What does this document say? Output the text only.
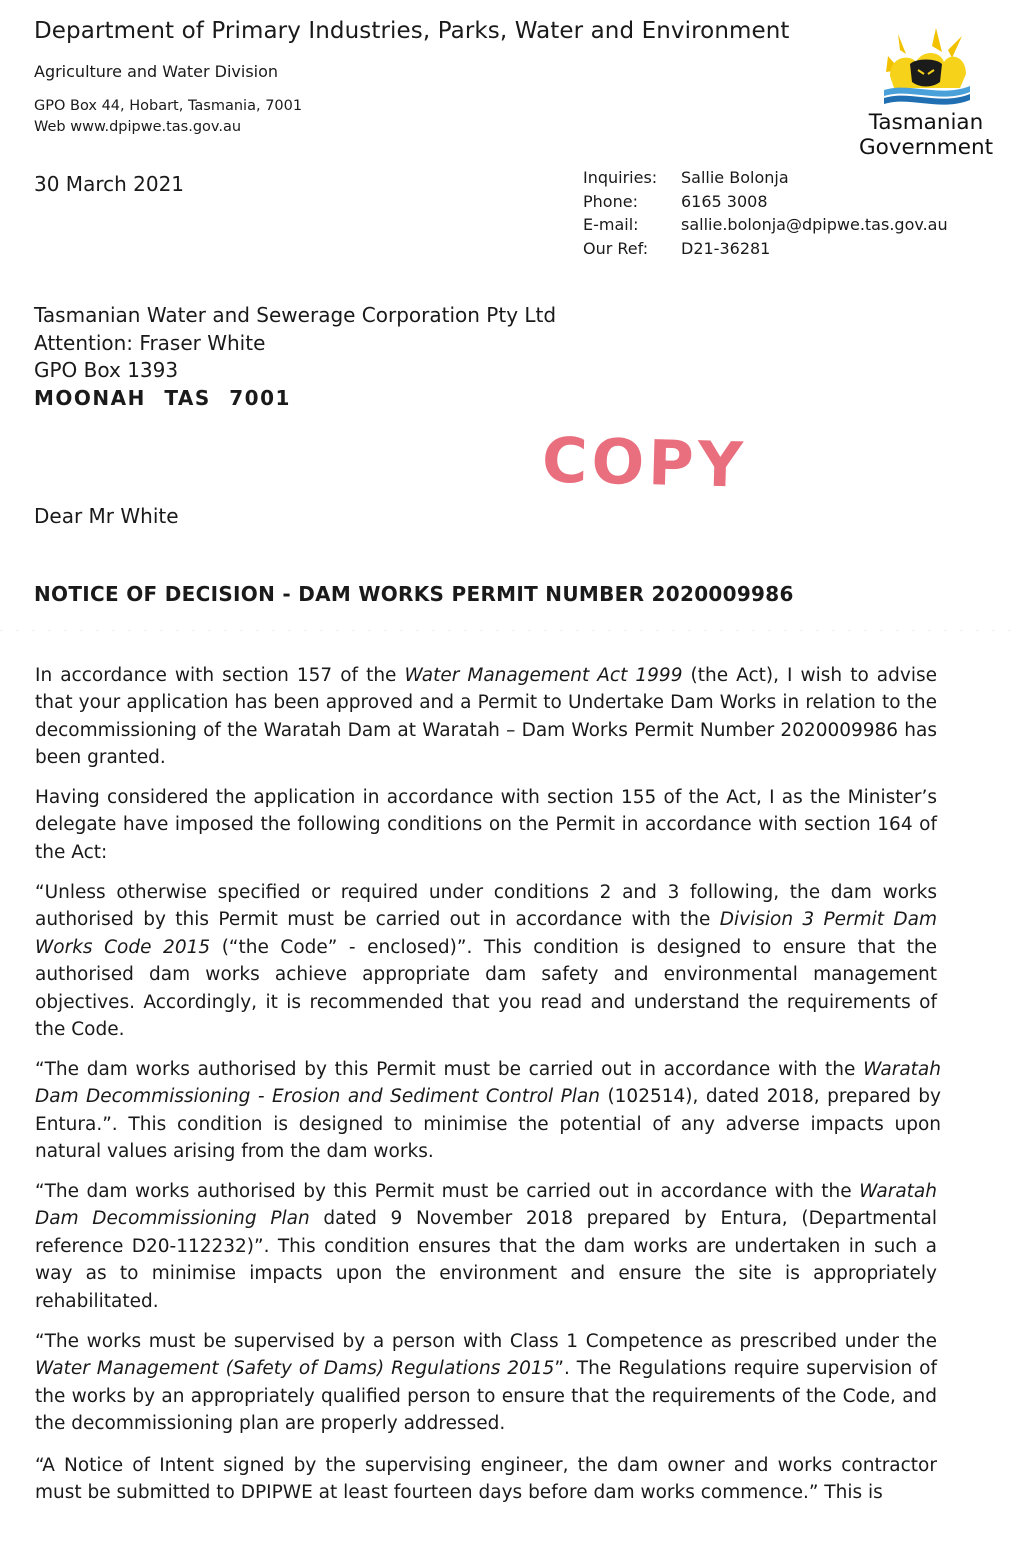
Department of Primary Industries, Parks, Water and Environment
Agriculture and Water Division
GPO Box 44, Hobart, Tasmania, 7001
Web www.dpipwe.tas.gov.au	Tasmanian
Government
30 March 2021	Inquiries:	Sallie Bolonja
Phone:	6165 3008
E-mail:	sallie.bolonja@dpipwe.tas.gov.au
Our Ref:	D21-36281
Tasmanian Water and Sewerage Corporation Pty Ltd
Attention: Fraser White
GPO Box 1393
MOONAH TAS 7001
COPY
Dear Mr White
NOTICE OF DECISION - DAM WORKS PERMIT NUMBER 2020009986

In accordance with section 157 of the Water Management Act 1999 (the Act), I wish to advise that your application has been approved and a Permit to Undertake Dam Works in relation to the decommissioning of the Waratah Dam at Waratah – Dam Works Permit Number 2020009986 has been granted.

Having considered the application in accordance with section 155 of the Act, I as the Minister’s delegate have imposed the following conditions on the Permit in accordance with section 164 of the Act:

“Unless otherwise specified or required under conditions 2 and 3 following, the dam works authorised by this Permit must be carried out in accordance with the Division 3 Permit Dam Works Code 2015 (“the Code” - enclosed)”. This condition is designed to ensure that the authorised dam works achieve appropriate dam safety and environmental management objectives. Accordingly, it is recommended that you read and understand the requirements of the Code.

“The dam works authorised by this Permit must be carried out in accordance with the Waratah Dam Decommissioning - Erosion and Sediment Control Plan (102514), dated 2018, prepared by Entura.”. This condition is designed to minimise the potential of any adverse impacts upon natural values arising from the dam works.

“The dam works authorised by this Permit must be carried out in accordance with the Waratah Dam Decommissioning Plan dated 9 November 2018 prepared by Entura, (Departmental reference D20-112232)”. This condition ensures that the dam works are undertaken in such a way as to minimise impacts upon the environment and ensure the site is appropriately rehabilitated.

“The works must be supervised by a person with Class 1 Competence as prescribed under the Water Management (Safety of Dams) Regulations 2015”. The Regulations require supervision of the works by an appropriately qualified person to ensure that the requirements of the Code, and the decommissioning plan are properly addressed.

“A Notice of Intent signed by the supervising engineer, the dam owner and works contractor must be submitted to DPIPWE at least fourteen days before dam works commence.” This is
